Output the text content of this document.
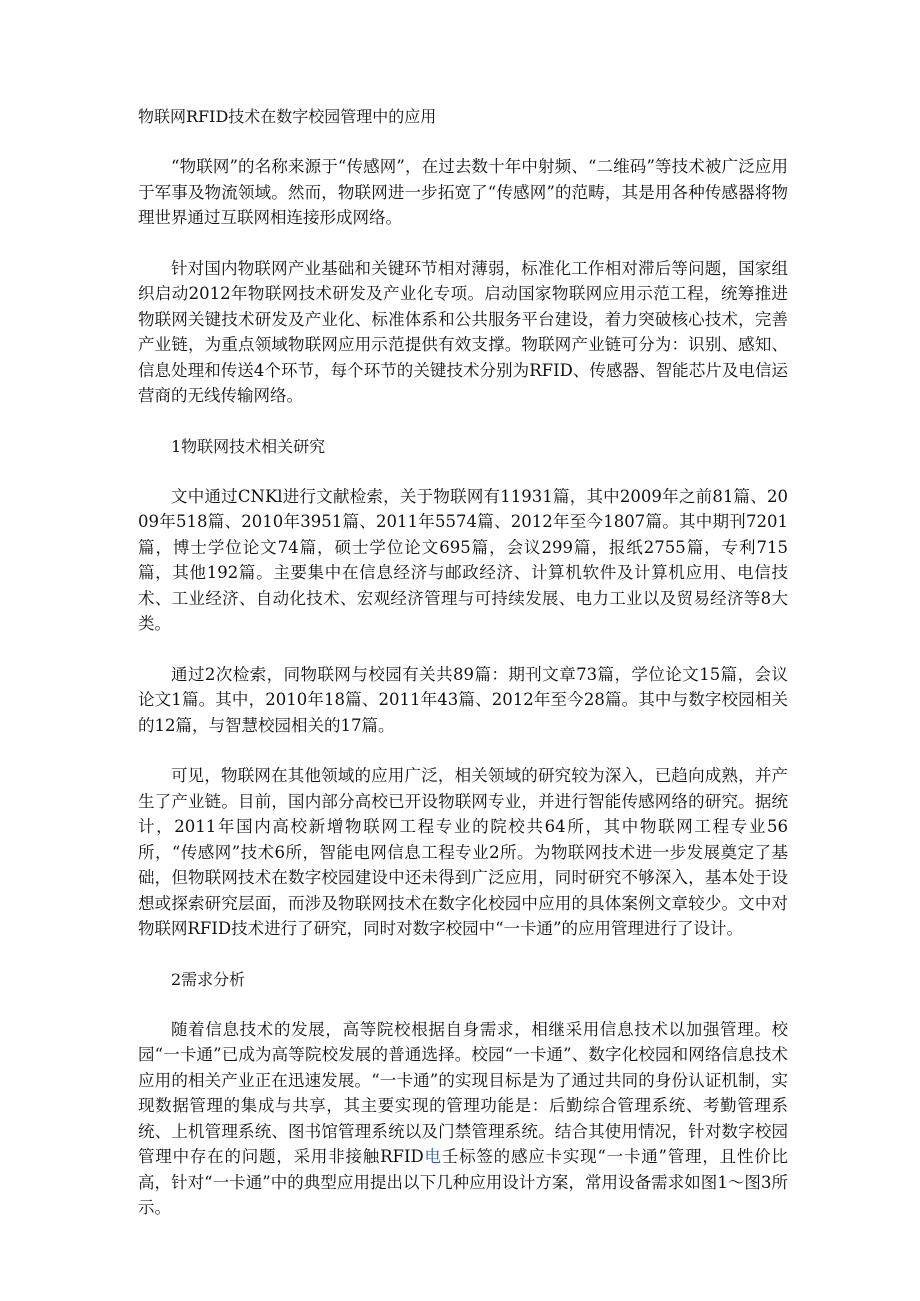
物联网RFID技术在数字校园管理中的应用

“物联网”的名称来源于“传感网”，在过去数十年中射频、“二维码”等技术被广泛应用于军事及物流领域。然而，物联网进一步拓宽了“传感网”的范畴，其是用各种传感器将物理世界通过互联网相连接形成网络。

针对国内物联网产业基础和关键环节相对薄弱，标准化工作相对滞后等问题，国家组织启动2012年物联网技术研发及产业化专项。启动国家物联网应用示范工程，统筹推进物联网关键技术研发及产业化、标准体系和公共服务平台建设，着力突破核心技术，完善产业链，为重点领域物联网应用示范提供有效支撑。物联网产业链可分为：识别、感知、信息处理和传送4个环节，每个环节的关键技术分别为RFID、传感器、智能芯片及电信运营商的无线传输网络。

1物联网技术相关研究

文中通过CNKl进行文献检索，关于物联网有11931篇，其中2009年之前81篇、2009年518篇、2010年3951篇、2011年5574篇、2012年至今1807篇。其中期刊7201篇，博士学位论文74篇，硕士学位论文695篇，会议299篇，报纸2755篇，专利715篇，其他192篇。主要集中在信息经济与邮政经济、计算机软件及计算机应用、电信技术、工业经济、自动化技术、宏观经济管理与可持续发展、电力工业以及贸易经济等8大类。

通过2次检索，同物联网与校园有关共89篇：期刊文章73篇，学位论文15篇，会议论文1篇。其中，2010年18篇、2011年43篇、2012年至今28篇。其中与数字校园相关的12篇，与智慧校园相关的17篇。

可见，物联网在其他领域的应用广泛，相关领域的研究较为深入，已趋向成熟，并产生了产业链。目前，国内部分高校已开设物联网专业，并进行智能传感网络的研究。据统计，2011年国内高校新增物联网工程专业的院校共64所，其中物联网工程专业56所，“传感网”技术6所，智能电网信息工程专业2所。为物联网技术进一步发展奠定了基础，但物联网技术在数字校园建设中还未得到广泛应用，同时研究不够深入，基本处于设想或探索研究层面，而涉及物联网技术在数字化校园中应用的具体案例文章较少。文中对物联网RFID技术进行了研究，同时对数字校园中“一卡通”的应用管理进行了设计。

2需求分析

随着信息技术的发展，高等院校根据自身需求，相继采用信息技术以加强管理。校园“一卡通”已成为高等院校发展的普通选择。校园“一卡通”、数字化校园和网络信息技术应用的相关产业正在迅速发展。“一卡通”的实现目标是为了通过共同的身份认证机制，实现数据管理的集成与共享，其主要实现的管理功能是：后勤综合管理系统、考勤管理系统、上机管理系统、图书馆管理系统以及门禁管理系统。结合其使用情况，针对数字校园管理中存在的问题，采用非接触RFID电壬标签的感应卡实现“一卡通”管理，且性价比高，针对“一卡通”中的典型应用提出以下几种应用设计方案，常用设备需求如图1～图3所示。
